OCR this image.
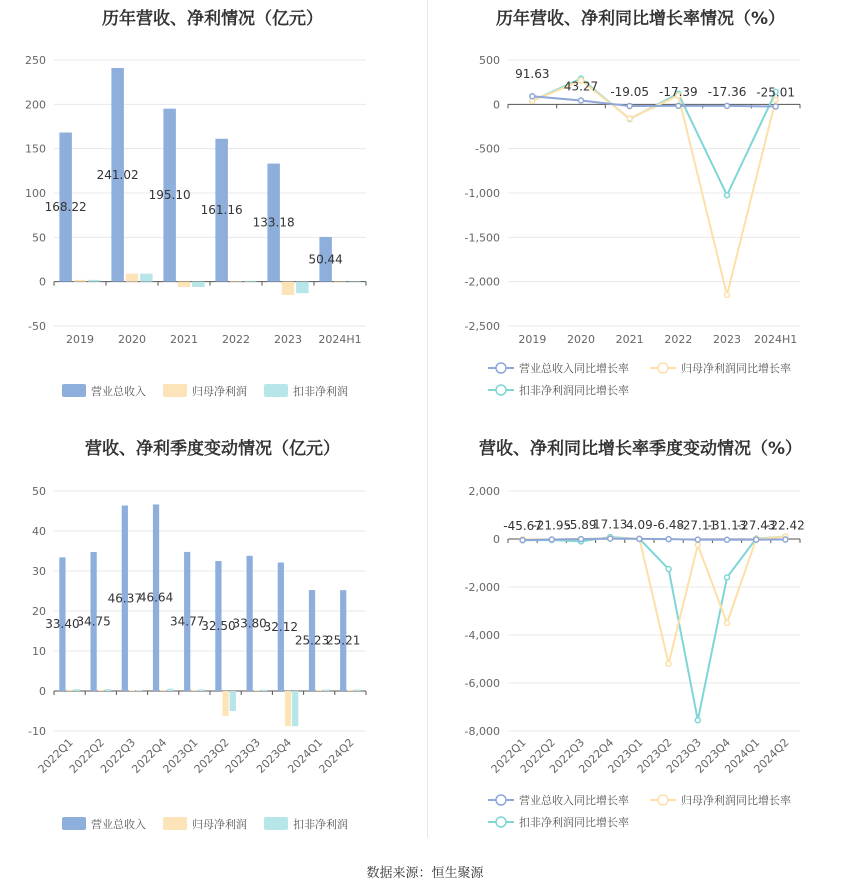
历年营收、净利情况（亿元）
-50
0
50
100
150
200
250
2019 2020 2021 2022 2023 2024H1
168.22
241.02
195.10
161.16
133.18
50.44
营业总收入	归母净利润	扣非净利润
历年营收、净利同比增长率情况（%）
-2,500
-2,000
-1,500
-1,000
-500
0
500
2019 2020 2021 2022 2023 2024H1
91.63
43.27 -19.05 -17.39 -17.36 -25.01
营业总收入同比增长率	归母净利润同比增长率
扣非净利润同比增长率
营收、净利季度变动情况（亿元）
-10
0
10
20
30
40
50
2022Q1
2022Q2
2022Q3
2022Q4
2023Q1
2023Q2
2023Q3
2023Q4
2024Q1
2024Q2
33.40
34.75
46.37
46.64
34.77
32.50
33.80
32.12
25.23
25.21
营业总收入	归母净利润	扣非净利润
营收、净利同比增长率季度变动情况（%）
-8,000
-6,000
-4,000
-2,000
0
2,000
2022Q1
2022Q2
2022Q3
2022Q4
2023Q1
2023Q2
2023Q3
2023Q4
2024Q1
2024Q2
-45.67
-21.95
-5.89
17.13
4.09 -6.48
-27.11
-31.13
-27.43
-22.42
营业总收入同比增长率	归母净利润同比增长率
扣非净利润同比增长率
数据来源：恒生聚源
